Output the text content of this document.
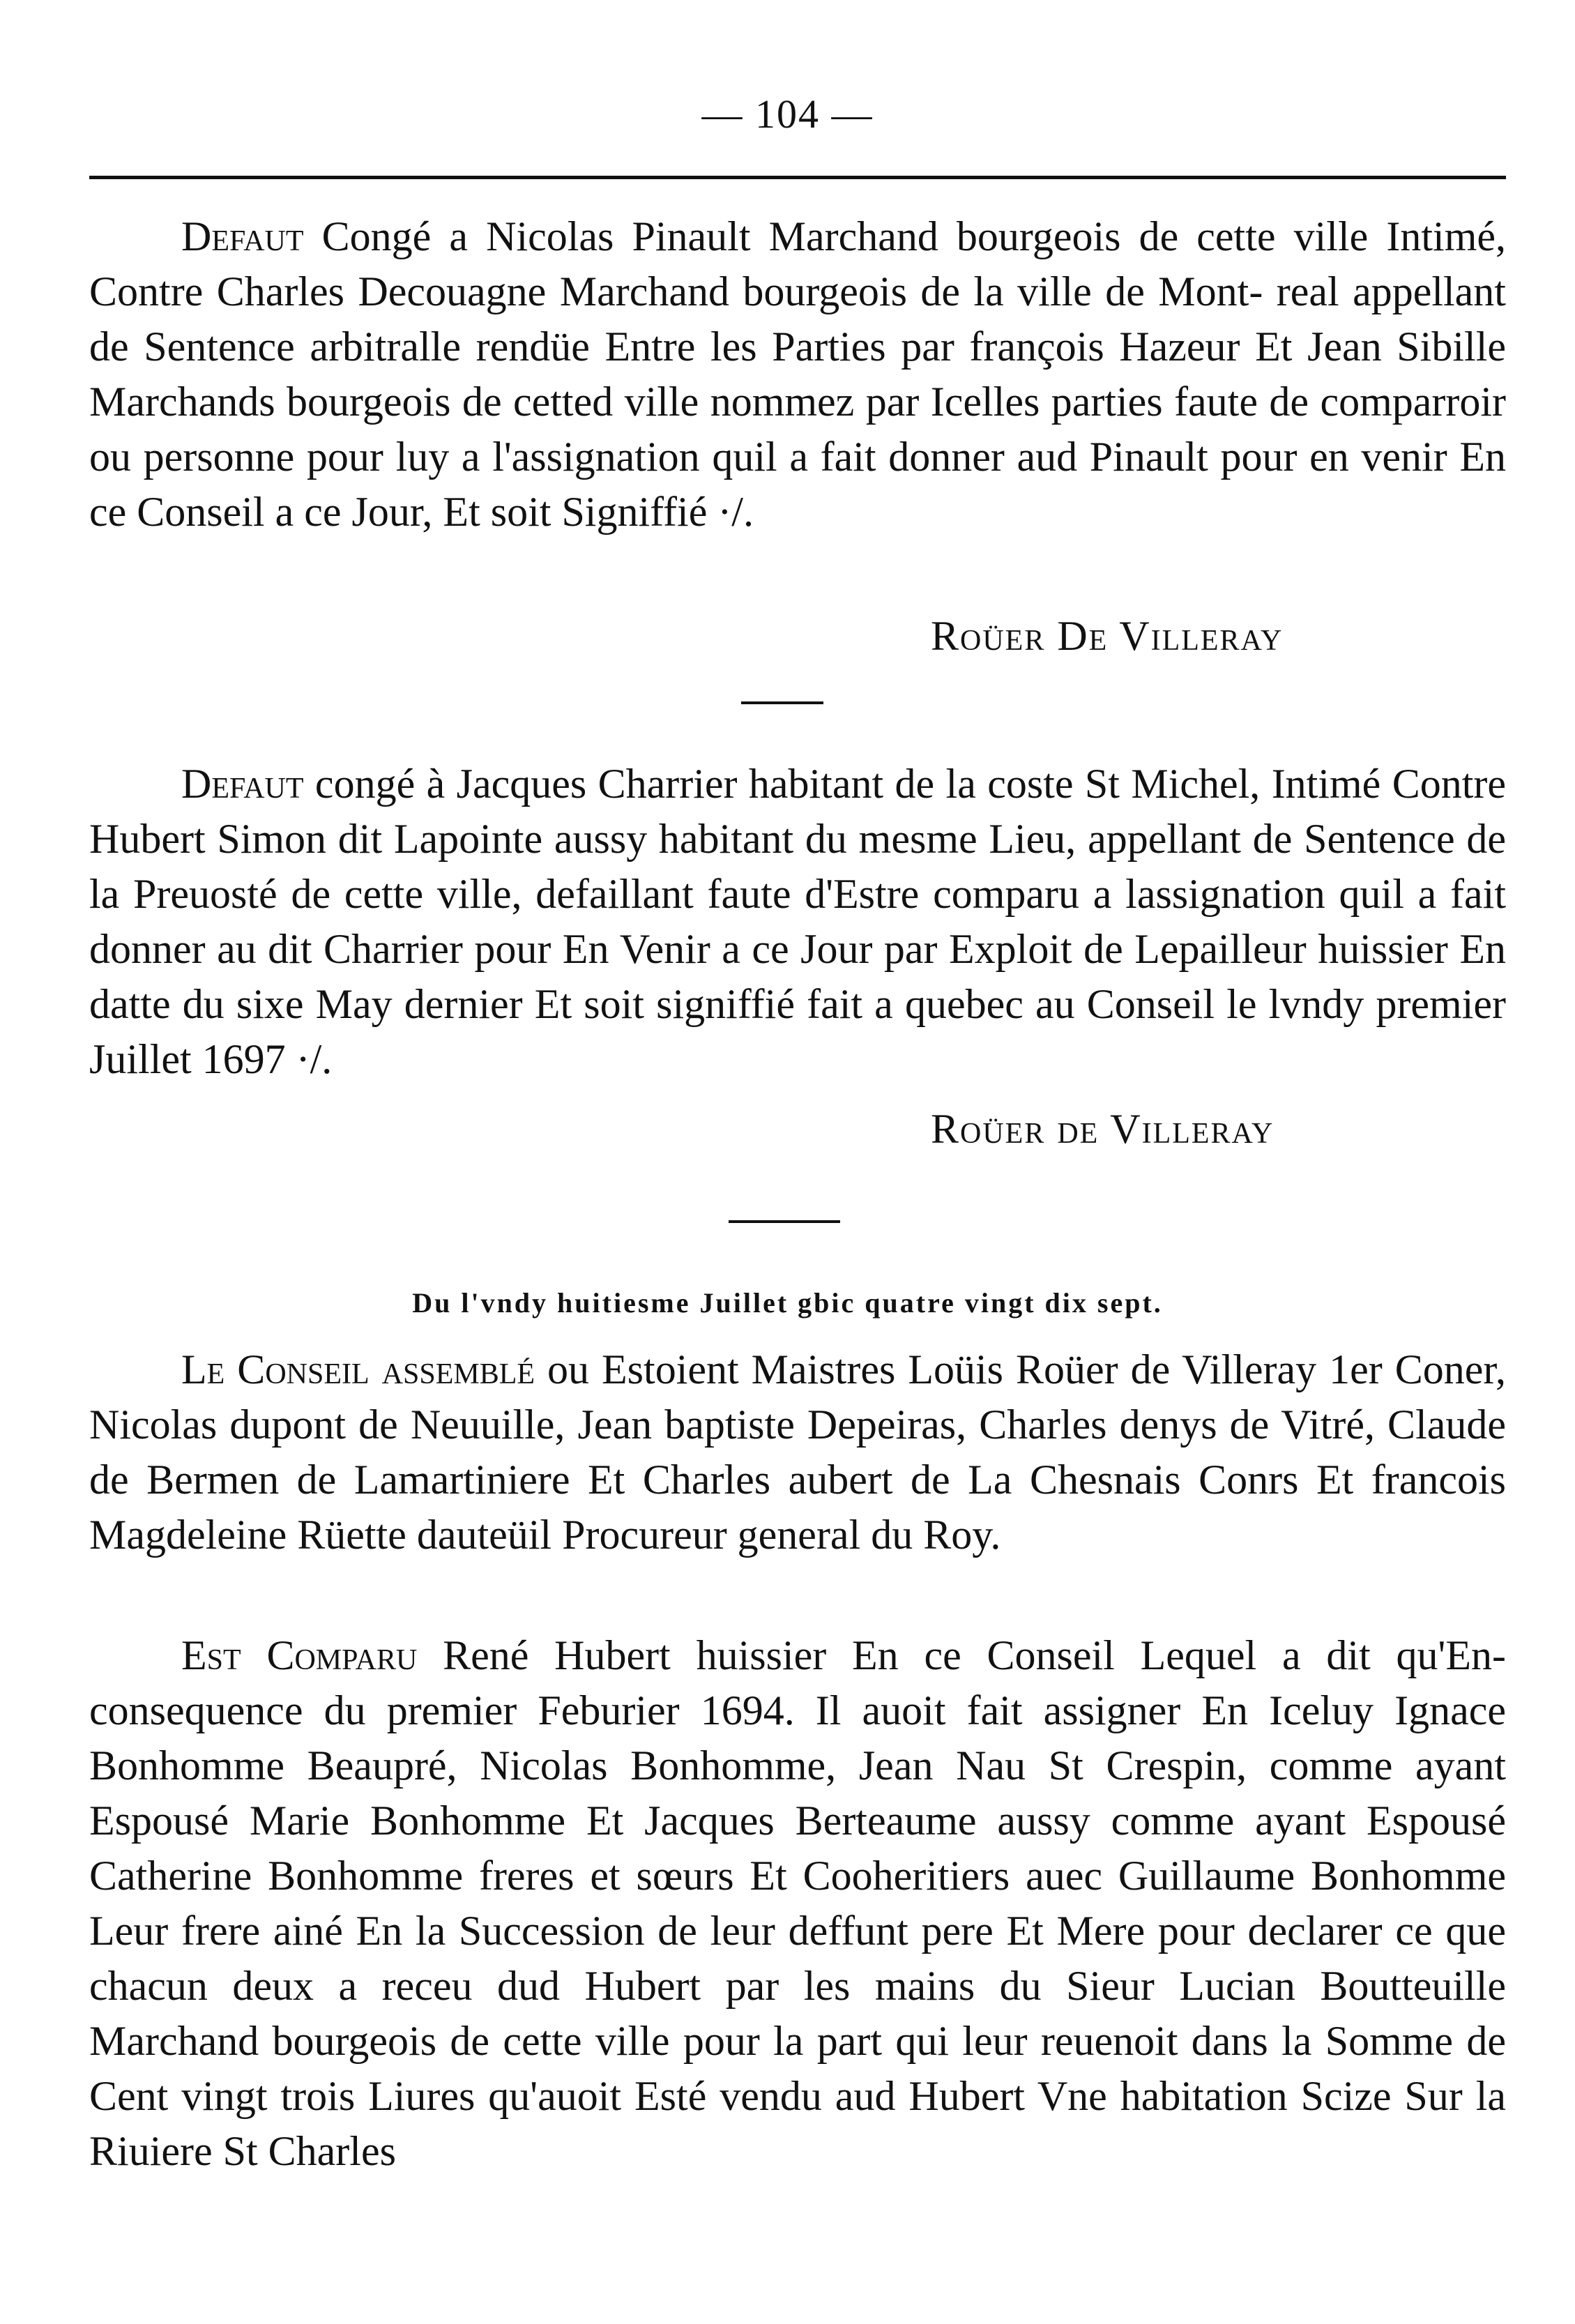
— 104 —

Defaut Congé a Nicolas Pinault Marchand bourgeois de cette ville Intimé, Contre Charles Decouagne Marchand bourgeois de la ville de Mont- real appellant de Sentence arbitralle rendüe Entre les Parties par françois Hazeur Et Jean Sibille Marchands bourgeois de cetted ville nommez par Icelles parties faute de comparroir ou personne pour luy a l'assignation quil a fait donner aud Pinault pour en venir En ce Conseil a ce Jour, Et soit Signiffié ·/.

Roüer De Villeray

Defaut congé à Jacques Charrier habitant de la coste St Michel, Intimé Contre Hubert Simon dit Lapointe aussy habitant du mesme Lieu, appellant de Sentence de la Preuosté de cette ville, defaillant faute d'Estre comparu a lassignation quil a fait donner au dit Charrier pour En Venir a ce Jour par Exploit de Lepailleur huissier En datte du sixe May dernier Et soit signiffié fait a quebec au Conseil le lvndy premier Juillet 1697 ·/.

Roüer de Villeray
Du l'vndy huitiesme Juillet gbic quatre vingt dix sept.

Le Conseil assemblé ou Estoient Maistres Loüis Roüer de Villeray 1er Coner, Nicolas dupont de Neuuille, Jean baptiste Depeiras, Charles denys de Vitré, Claude de Bermen de Lamartiniere Et Charles aubert de La Chesnais Conrs Et francois Magdeleine Rüette dauteüil Procureur general du Roy.

Est Comparu René Hubert huissier En ce Conseil Lequel a dit qu'En- consequence du premier Feburier 1694. Il auoit fait assigner En Iceluy Ignace Bonhomme Beaupré, Nicolas Bonhomme, Jean Nau St Crespin, comme ayant Espousé Marie Bonhomme Et Jacques Berteaume aussy comme ayant Espousé Catherine Bonhomme freres et sœurs Et Cooheritiers auec Guillaume Bonhomme Leur frere ainé En la Succession de leur deffunt pere Et Mere pour declarer ce que chacun deux a receu dud Hubert par les mains du Sieur Lucian Boutteuille Marchand bourgeois de cette ville pour la part qui leur reuenoit dans la Somme de Cent vingt trois Liures qu'auoit Esté vendu aud Hubert Vne habitation Scize Sur la Riuiere St Charles
